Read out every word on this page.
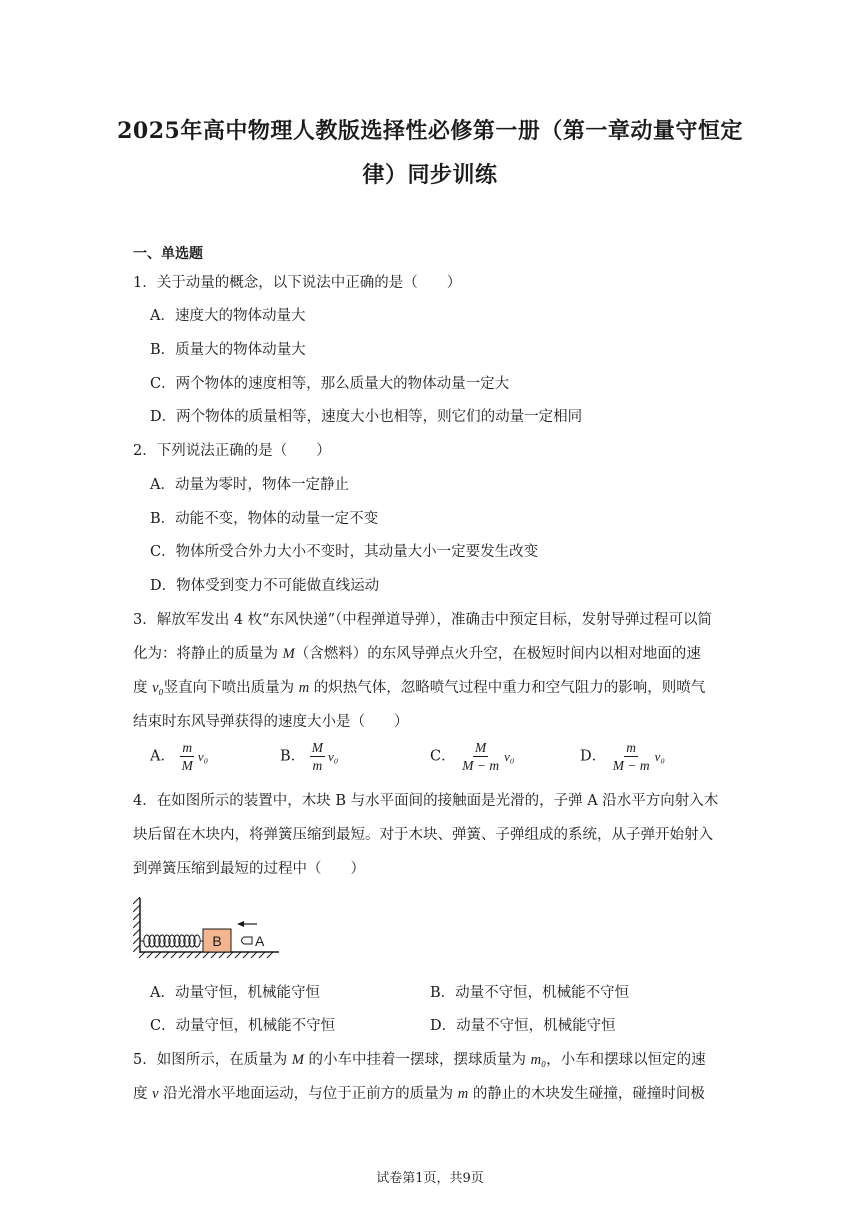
2025年高中物理人教版选择性必修第一册（第一章动量守恒定
律）同步训练
一、单选题
1．关于动量的概念，以下说法中正确的是（　　）
A．速度大的物体动量大
B．质量大的物体动量大
C．两个物体的速度相等，那么质量大的物体动量一定大
D．两个物体的质量相等，速度大小也相等，则它们的动量一定相同
2．下列说法正确的是（　　）
A．动量为零时，物体一定静止
B．动能不变，物体的动量一定不变
C．物体所受合外力大小不变时，其动量大小一定要发生改变
D．物体受到变力不可能做直线运动
3．解放军发出 4 枚“东风快递”（中程弹道导弹），准确击中预定目标，发射导弹过程可以简
化为：将静止的质量为 M（含燃料）的东风导弹点火升空，在极短时间内以相对地面的速
度 v₀竖直向下喷出质量为 m 的炽热气体，忽略喷气过程中重力和空气阻力的影响，则喷气
结束时东风导弹获得的速度大小是（　　）
A． $\frac{m}{M} v_0$	B． $\frac{M}{m} v_0$	C． $\frac{M}{M - m} v_0$	D． $\frac{m}{M - m} v_0$
4．在如图所示的装置中，木块 B 与水平面间的接触面是光滑的，子弹 A 沿水平方向射入木
块后留在木块内，将弹簧压缩到最短。对于木块、弹簧、子弹组成的系统，从子弹开始射入
到弹簧压缩到最短的过程中（　　）
B A
A．动量守恒，机械能守恒	B．动量不守恒，机械能不守恒
C．动量守恒，机械能不守恒	D．动量不守恒，机械能守恒
5．如图所示，在质量为 M 的小车中挂着一摆球，摆球质量为 m₀，小车和摆球以恒定的速
度 v 沿光滑水平地面运动，与位于正前方的质量为 m 的静止的木块发生碰撞，碰撞时间极
试卷第1页，共9页
